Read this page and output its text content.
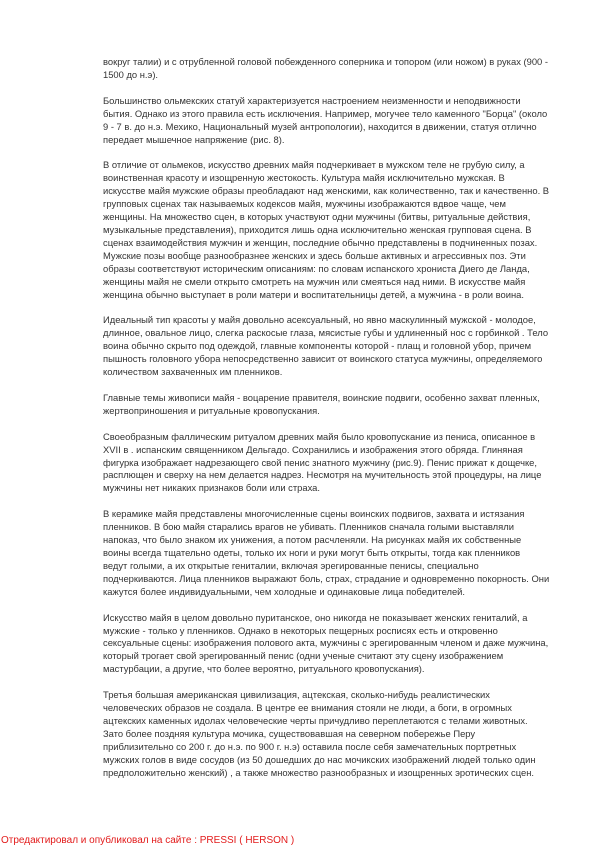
вокруг талии) и с отрубленной головой побежденного соперника и топором (или ножом) в руках (900 -
1500 до н.э).

Большинство ольмекских статуй характеризуется настроением неизменности и неподвижности
бытия. Однако из этого правила есть исключения. Например, могучее тело каменного "Борца" (около
9 - 7 в. до н.э. Мехико, Национальный музей антропологии), находится в движении, статуя отлично
передает мышечное напряжение (рис. 8).

В отличие от ольмеков, искусство древних майя подчеркивает в мужском теле не грубую силу, а
воинственная красоту и изощренную жестокость. Культура майя исключительно мужская. В
искусстве майя мужские образы преобладают над женскими, как количественно, так и качественно. В
групповых сценах так называемых кодексов майя, мужчины изображаются вдвое чаще, чем
женщины. На множество сцен, в которых участвуют одни мужчины (битвы, ритуальные действия,
музыкальные представления), приходится лишь одна исключительно женская групповая сцена. В
сценах взаимодействия мужчин и женщин, последние обычно представлены в подчиненных позах.
Мужские позы вообще разнообразнее женских и здесь больше активных и агрессивных поз. Эти
образы соответствуют историческим описаниям: по словам испанского хрониста Диего де Ланда,
женщины майя не смели открыто смотреть на мужчин или смеяться над ними. В искусстве майя
женщина обычно выступает в роли матери и воспитательницы детей, а мужчина - в роли воина.

Идеальный тип красоты у майя довольно асексуальный, но явно маскулинный мужской - молодое,
длинное, овальное лицо, слегка раскосые глаза, мясистые губы и удлиненный нос с горбинкой . Тело
воина обычно скрыто под одеждой, главные компоненты которой - плащ и головной убор, причем
пышность головного убора непосредственно зависит от воинского статуса мужчины, определяемого
количеством захваченных им пленников.

Главные темы живописи майя - воцарение правителя, воинские подвиги, особенно захват пленных,
жертвоприношения и ритуальные кровопускания.

Своеобразным фаллическим ритуалом древних майя было кровопускание из пениса, описанное в
XVII в . испанским священником Дельгадо. Сохранились и изображения этого обряда. Глиняная
фигурка изображает надрезающего свой пенис знатного мужчину (рис.9). Пенис прижат к дощечке,
расплющен и сверху на нем делается надрез. Несмотря на мучительность этой процедуры, на лице
мужчины нет никаких признаков боли или страха.

В керамике майя представлены многочисленные сцены воинских подвигов, захвата и истязания
пленников. В бою майя старались врагов не убивать. Пленников сначала голыми выставляли
напоказ, что было знаком их унижения, а потом расчленяли. На рисунках майя их собственные
воины всегда тщательно одеты, только их ноги и руки могут быть открыты, тогда как пленников
ведут голыми, а их открытые гениталии, включая эрегированные пенисы, специально
подчеркиваются. Лица пленников выражают боль, страх, страдание и одновременно покорность. Они
кажутся более индивидуальными, чем холодные и одинаковые лица победителей.

Искусство майя в целом довольно пуританское, оно никогда не показывает женских гениталий, а
мужские - только у пленников. Однако в некоторых пещерных росписях есть и откровенно
сексуальные сцены: изображения полового акта, мужчины с эрегированным членом и даже мужчина,
который трогает свой эрегированный пенис (одни ученые считают эту сцену изображением
мастурбации, а другие, что более вероятно, ритуального кровопускания).

Третья большая американская цивилизация, ацтекская, сколько-нибудь реалистических
человеческих образов не создала. В центре ее внимания стояли не люди, а боги, в огромных
ацтекских каменных идолах человеческие черты причудливо переплетаются с телами животных.
Зато более поздняя культура мочика, существовавшая на северном побережье Перу
приблизительно со 200 г. до н.э. по 900 г. н.э) оставила после себя замечательных портретных
мужских голов в виде сосудов (из 50 дошедших до нас мочикских изображений людей только один
предположительно женский) , а также множество разнообразных и изощренных эротических сцен.

Отредактировал и опубликовал на сайте : PRESSI ( HERSON )
